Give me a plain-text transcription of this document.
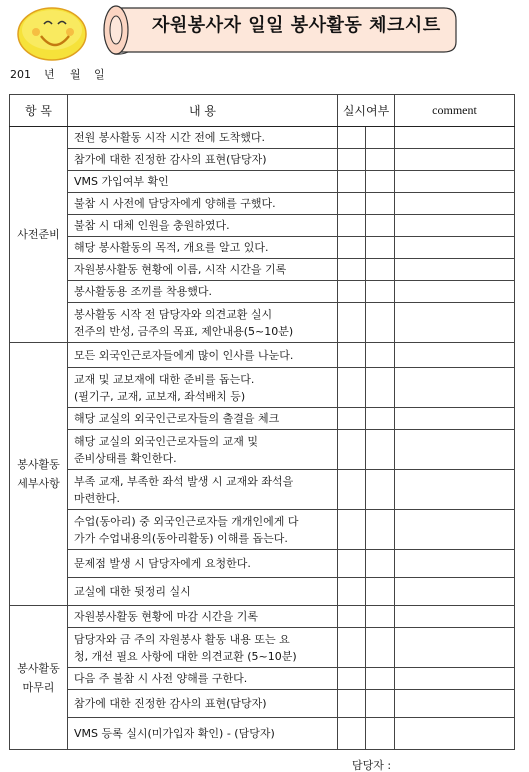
자원봉사자 일일 봉사활동 체크시트
201	년	월	일
항 목	내 용	실시여부		comment

사전준비	전원 봉사활동 시작 시간 전에 도착했다.			

	참가에 대한 진정한 감사의 표현(담당자)			

	VMS 가입여부 확인			

	불참 시 사전에 담당자에게 양해를 구했다.			

	불참 시 대체 인원을 충원하였다.			

	해당 봉사활동의 목적, 개요를 알고 있다.			

	자원봉사활동 현황에 이름, 시작 시간을 기록			

	봉사활동용 조끼를 착용했다.			

	봉사활동 시작 전 담당자와 의견교환 실시
전주의 반성, 금주의 목표, 제안내용(5~10분)			

봉사활동
세부사항	모든 외국인근로자들에게 많이 인사를 나눈다.			

	교재 및 교보재에 대한 준비를 돕는다.
(필기구, 교재, 교보재, 좌석배치 등)			

	해당 교실의 외국인근로자들의 출결을 체크			

	해당 교실의 외국인근로자들의 교재 및
준비상태를 확인한다.			

	부족 교재, 부족한 좌석 발생 시 교재와 좌석을
마련한다.			

	수업(동아리) 중 외국인근로자들 개개인에게 다
가가 수업내용의(동아리활동) 이해를 돕는다.			

	문제점 발생 시 담당자에게 요청한다.			

	교실에 대한 뒷정리 실시			

봉사활동
마무리	자원봉사활동 현황에 마감 시간을 기록			

	담당자와 금 주의 자원봉사 활동 내용 또는 요
청, 개선 필요 사항에 대한 의견교환 (5~10분)			

	다음 주 불참 시 사전 양해를 구한다.			

	참가에 대한 진정한 감사의 표현(담당자)			

	VMS 등록 실시(미가입자 확인) - (담당자)			

담당자 :
